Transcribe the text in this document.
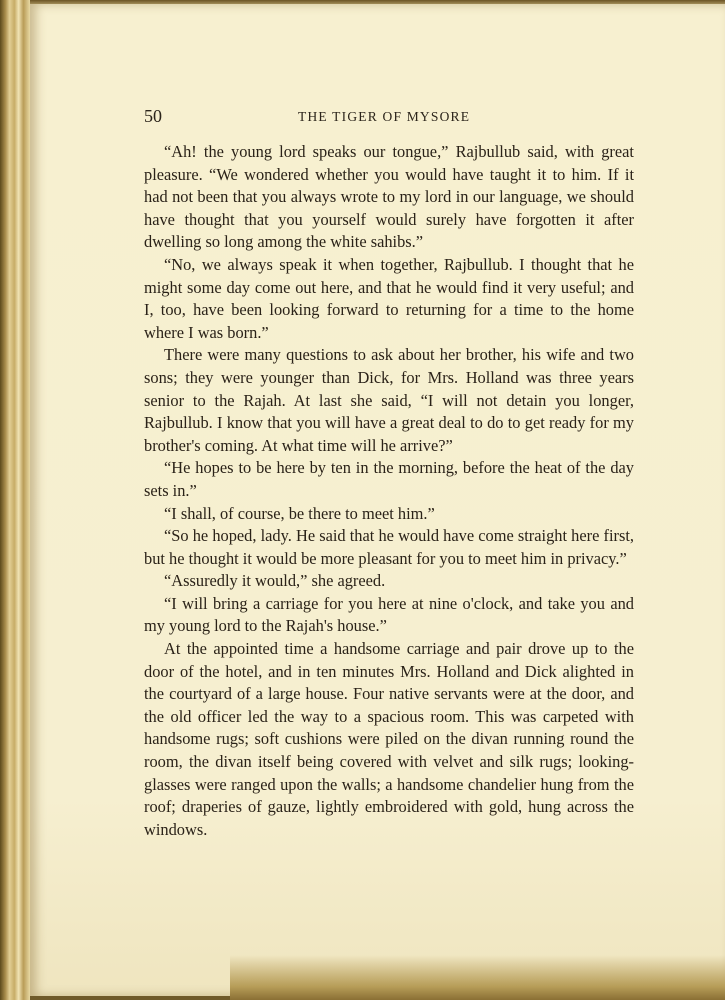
50	THE TIGER OF MYSORE

“Ah! the young lord speaks our tongue,” Rajbullub said, with great pleasure. “We wondered whether you would have taught it to him. If it had not been that you always wrote to my lord in our language, we should have thought that you yourself would surely have forgotten it after dwelling so long among the white sahibs.”

“No, we always speak it when together, Rajbullub. I thought that he might some day come out here, and that he would find it very useful; and I, too, have been looking forward to returning for a time to the home where I was born.”

There were many questions to ask about her brother, his wife and two sons; they were younger than Dick, for Mrs. Holland was three years senior to the Rajah. At last she said, “I will not detain you longer, Rajbullub. I know that you will have a great deal to do to get ready for my brother's coming. At what time will he arrive?”

“He hopes to be here by ten in the morning, before the heat of the day sets in.”

“I shall, of course, be there to meet him.”

“So he hoped, lady. He said that he would have come straight here first, but he thought it would be more pleasant for you to meet him in privacy.”

“Assuredly it would,” she agreed.

“I will bring a carriage for you here at nine o'clock, and take you and my young lord to the Rajah's house.”

At the appointed time a handsome carriage and pair drove up to the door of the hotel, and in ten minutes Mrs. Holland and Dick alighted in the courtyard of a large house. Four native servants were at the door, and the old officer led the way to a spacious room. This was carpeted with handsome rugs; soft cushions were piled on the divan running round the room, the divan itself being covered with velvet and silk rugs; looking-glasses were ranged upon the walls; a handsome chandelier hung from the roof; draperies of gauze, lightly embroidered with gold, hung across the windows.
